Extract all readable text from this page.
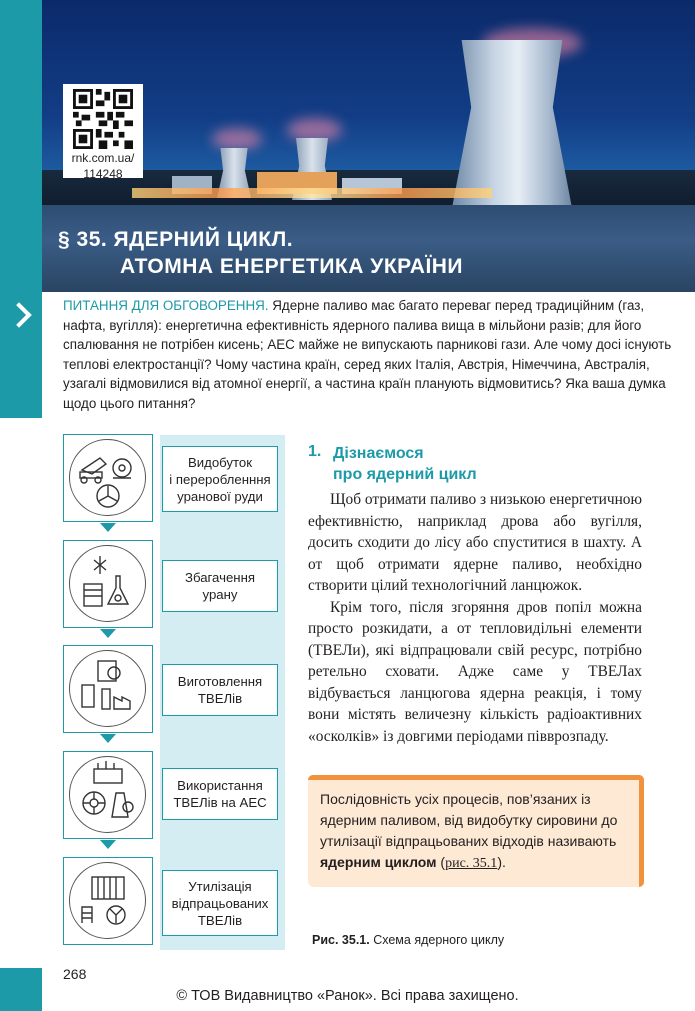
rnk.com.ua/
114248
§ 35. ЯДЕРНИЙ ЦИКЛ.
АТОМНА ЕНЕРГЕТИКА УКРАЇНИ
ПИТАННЯ ДЛЯ ОБГОВОРЕННЯ. Ядерне паливо має багато переваг перед традиційним (газ, нафта, вугілля): енергетична ефективність ядерного палива вища в мільйони разів; для його спалювання не потрібен кисень; АЕС майже не випускають парникові гази. Але чому досі існують теплові електростанції? Чому частина країн, серед яких Італія, Австрія, Німеччина, Австралія, узагалі відмовилися від атомної енергії, а частина країн планують відмовитись? Яка ваша думка щодо цього питання?
Видобуток
і переробленння
уранової руди
Збагачення
урану
Виготовлення
ТВЕЛів
Використання
ТВЕЛів на АЕС
Утилізація
відпрацьованих
ТВЕЛів
1. Дізнаємося
про ядерний цикл

Щоб отримати паливо з низькою енергетичною ефективністю, наприклад дрова або вугілля, досить сходити до лісу або спуститися в шахту. А от щоб отримати ядерне паливо, необхідно створити цілий технологічний ланцюжок.

Крім того, після згоряння дров попіл можна просто розкидати, а от тепловидільні елементи (ТВЕЛи), які відпрацювали свій ресурс, потрібно ретельно сховати. Адже саме у ТВЕЛах відбувається ланцюгова ядерна реакція, і тому вони містять величезну кількість радіоактивних «осколків» із довгими періодами півврозпаду.

Послідовність усіх процесів, пов’язаних із ядерним паливом, від видобутку сировини до утилізації відпрацьованих відходів називають ядерним циклом (рис. 35.1).
Рис. 35.1. Схема ядерного циклу
268
© ТОВ Видавництво «Ранок». Всі права захищено.
